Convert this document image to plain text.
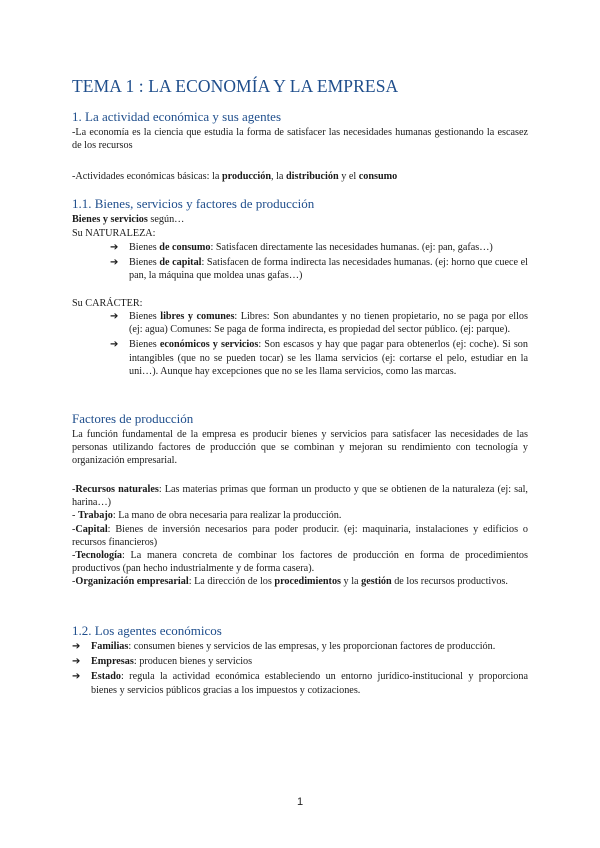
TEMA 1 : LA ECONOMÍA Y LA EMPRESA
1. La actividad económica y sus agentes
-La economía es la ciencia que estudia la forma de satisfacer las necesidades humanas gestionando la escasez de los recursos
-Actividades económicas básicas: la producción, la distribución y el consumo
1.1. Bienes, servicios y factores de producción
Bienes y servicios según…
Su NATURALEZA:
➔ Bienes de consumo: Satisfacen directamente las necesidades humanas. (ej: pan, gafas…)
➔ Bienes de capital: Satisfacen de forma indirecta las necesidades humanas. (ej: horno que cuece el pan, la máquina que moldea unas gafas…)
Su CARÁCTER:
➔ Bienes libres y comunes: Libres: Son abundantes y no tienen propietario, no se paga por ellos (ej: agua) Comunes: Se paga de forma indirecta, es propiedad del sector público. (ej: parque).
➔ Bienes económicos y servicios: Son escasos y hay que pagar para obtenerlos (ej: coche). Si son intangibles (que no se pueden tocar) se les llama servicios (ej: cortarse el pelo, estudiar en la uni…). Aunque hay excepciones que no se les llama servicios, como las marcas.
Factores de producción
La función fundamental de la empresa es producir bienes y servicios para satisfacer las necesidades de las personas utilizando factores de producción que se combinan y mejoran su rendimiento con tecnología y organización empresarial.
-Recursos naturales: Las materias primas que forman un producto y que se obtienen de la naturaleza (ej: sal, harina…)
- Trabajo: La mano de obra necesaria para realizar la producción.
-Capital: Bienes de inversión necesarios para poder producir. (ej: maquinaria, instalaciones y edificios o recursos financieros)
-Tecnología: La manera concreta de combinar los factores de producción en forma de procedimientos productivos (pan hecho industrialmente y de forma casera).
-Organización empresarial: La dirección de los procedimientos y la gestión de los recursos productivos.
1.2. Los agentes económicos
➔ Familias: consumen bienes y servicios de las empresas, y les proporcionan factores de producción.
➔ Empresas: producen bienes y servicios
➔ Estado: regula la actividad económica estableciendo un entorno jurídico-institucional y proporciona bienes y servicios públicos gracias a los impuestos y cotizaciones.
1
